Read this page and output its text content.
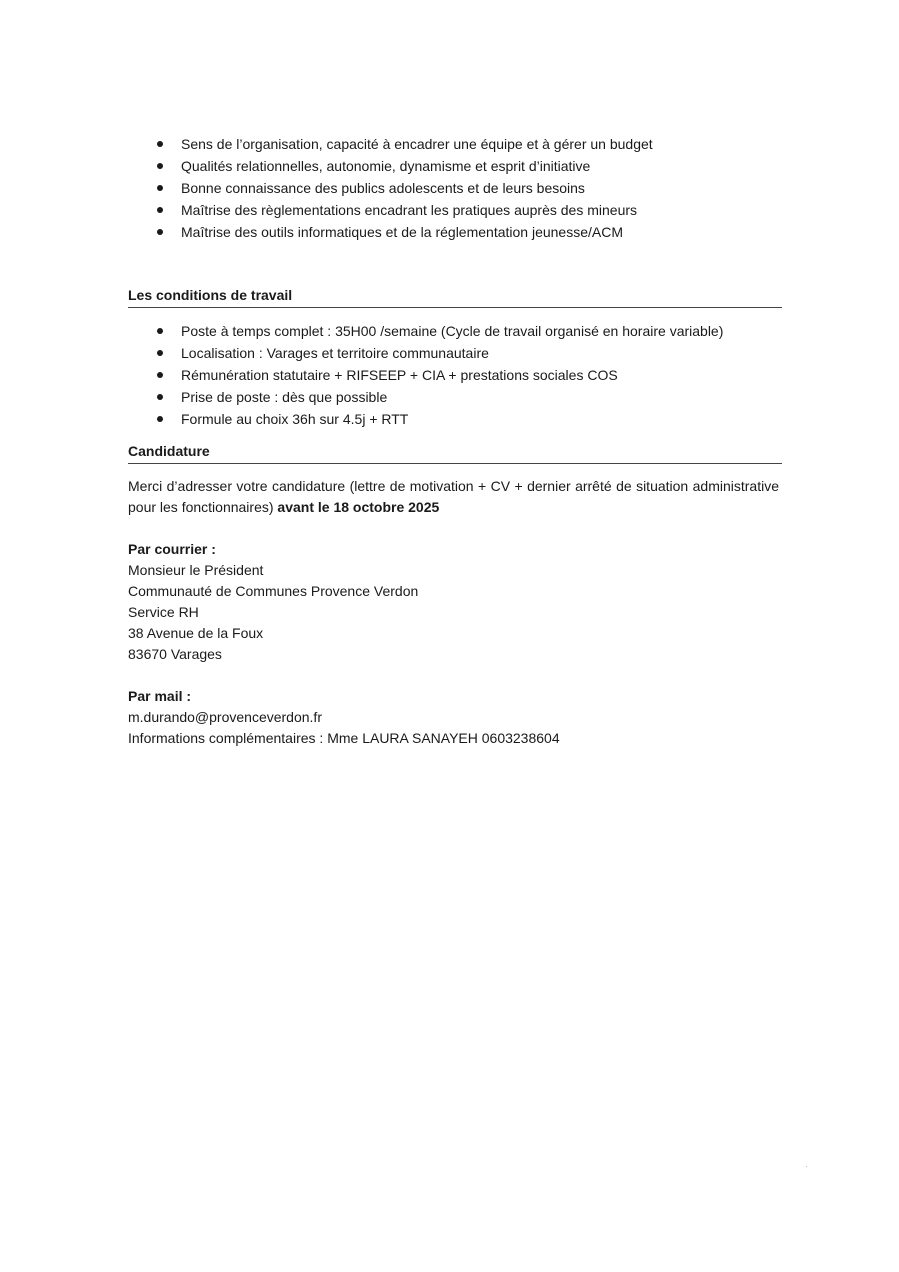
Sens de l’organisation, capacité à encadrer une équipe et à gérer un budget
Qualités relationnelles, autonomie, dynamisme et esprit d’initiative
Bonne connaissance des publics adolescents et de leurs besoins
Maîtrise des règlementations encadrant les pratiques auprès des mineurs
Maîtrise des outils informatiques et de la réglementation jeunesse/ACM
Les conditions de travail
Poste à temps complet : 35H00 /semaine (Cycle de travail organisé en horaire variable)
Localisation : Varages et territoire communautaire
Rémunération statutaire + RIFSEEP + CIA + prestations sociales COS
Prise de poste : dès que possible
Formule au choix 36h sur 4.5j + RTT
Candidature
Merci d’adresser votre candidature (lettre de motivation + CV + dernier arrêté de situation administrative pour les fonctionnaires) avant le 18 octobre 2025
Par courrier :
Monsieur le Président
Communauté de Communes Provence Verdon
Service RH
38 Avenue de la Foux
83670 Varages
Par mail :
m.durando@provenceverdon.fr
Informations complémentaires : Mme LAURA SANAYEH 0603238604
